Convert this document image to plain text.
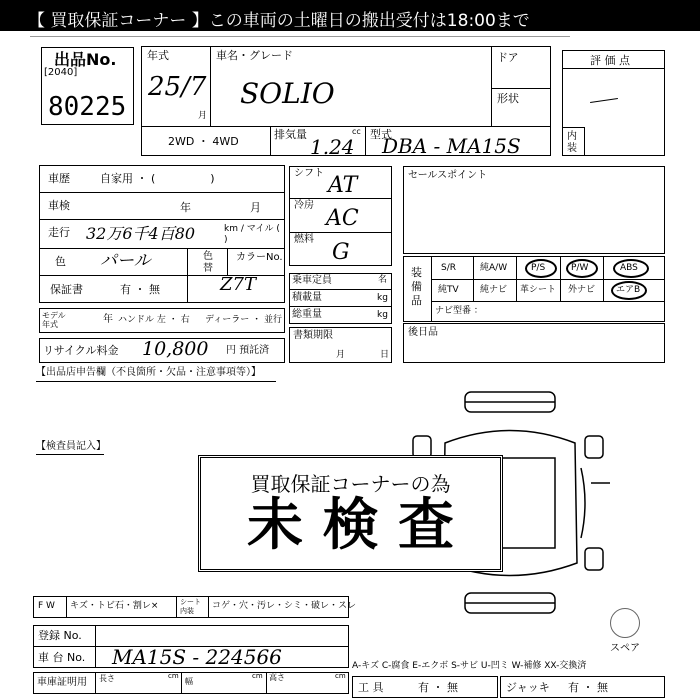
【 買取保証コーナー 】この車両の土曜日の搬出受付は18:00まで
出品No.
[2040]
80225
年式
25/7
月
車名・グレード
SOLIO
ドア
形状
2WD ・ 4WD
排気量
1.24
cc 型式
DBA - MA15S
評 価 点
内装
車歴	自家用 ・ (　　　　　)
車検	年	月
走行 32万6千4百80	km / マイル ( )
色 パール	色替
カラーNo.
Z7T
保証書	有 ・ 無
モデル年式	年 ハンドル 左 ・ 右 ディーラー ・ 並行
リサイクル料金 10,800 円 預託済
シフト AT
冷房
AC
燃料
G
乗車定員	名
積載量	kg
総重量	kg
書類期限
月	日
セールスポイント
装備品
S/R	純A/W	P/S	P/W	ABS
純TV 純ナビ 革シート 外ナビ エアB
ナビ型番 ：
後日品
【出品店申告欄（不良箇所・欠品・注意事項等）】
【検査員記入】
買取保証コーナーの為
未 検 査
F W キズ・トビ石・割レ×	シート内装	コゲ・穴・汚レ・シミ・破レ・スレ
登録 No.
車 台 No. MA15S - 224566
車庫証明用 長さ	cm
幅
cm 高さ	cm
スペア
A-キズ C-腐食 E-エクボ S-サビ U-凹ミ W-補修 XX-交換済
工 具	有 ・ 無	ジャッキ 有 ・ 無
